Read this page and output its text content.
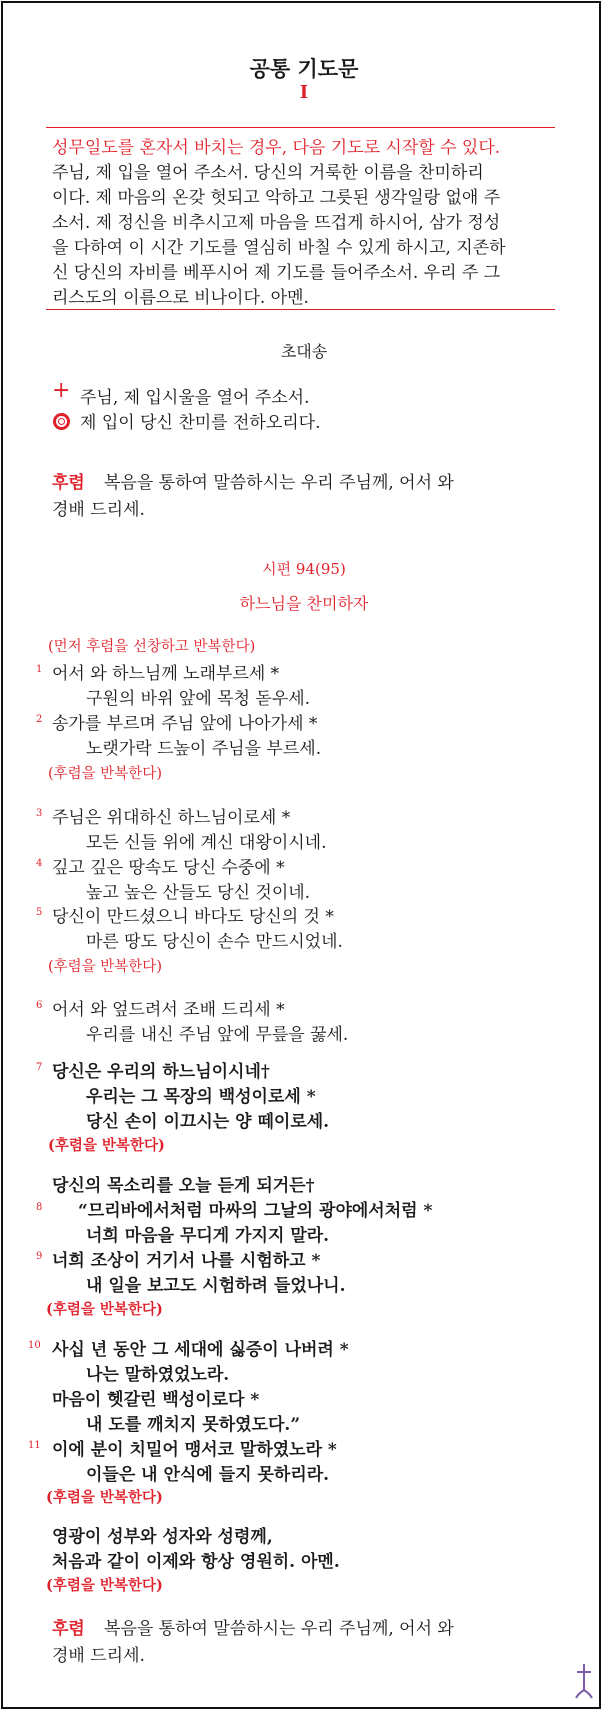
공통 기도문
I
성무일도를 혼자서 바치는 경우, 다음 기도로 시작할 수 있다.
주님, 제 입을 열어 주소서. 당신의 거룩한 이름을 찬미하리
이다. 제 마음의 온갖 헛되고 악하고 그릇된 생각일랑 없애 주
소서. 제 정신을 비추시고제 마음을 뜨겁게 하시어, 삼가 정성
을 다하여 이 시간 기도를 열심히 바칠 수 있게 하시고, 지존하
신 당신의 자비를 베푸시어 제 기도를 들어주소서. 우리 주 그
리스도의 이름으로 비나이다. 아멘.
초대송
+ 주님, 제 입시울을 열어 주소서.
제 입이 당신 찬미를 전하오리다.
후렴 복음을 통하여 말씀하시는 우리 주님께, 어서 와
경배 드리세.
시편 94(95)
하느님을 찬미하자
(먼저 후렴을 선창하고 반복한다)
1 어서 와 하느님께 노래부르세 *
구원의 바위 앞에 목청 돋우세.
2 송가를 부르며 주님 앞에 나아가세 *
노랫가락 드높이 주님을 부르세.
(후렴을 반복한다)
3 주님은 위대하신 하느님이로세 *
모든 신들 위에 계신 대왕이시네.
4 깊고 깊은 땅속도 당신 수중에 *
높고 높은 산들도 당신 것이네.
5 당신이 만드셨으니 바다도 당신의 것 *
마른 땅도 당신이 손수 만드시었네.
(후렴을 반복한다)
6 어서 와 엎드려서 조배 드리세 *
우리를 내신 주님 앞에 무릎을 꿇세.
7 당신은 우리의 하느님이시네†
우리는 그 목장의 백성이로세 *
당신 손이 이끄시는 양 떼이로세.
(후렴을 반복한다)
당신의 목소리를 오늘 듣게 되거든†
8 “므리바에서처럼 마싸의 그날의 광야에서처럼 *
너희 마음을 무디게 가지지 말라.
9 너희 조상이 거기서 나를 시험하고 *
내 일을 보고도 시험하려 들었나니.
(후렴을 반복한다)
10 사십 년 동안 그 세대에 싫증이 나버려 *
나는 말하였었노라.
마음이 헷갈린 백성이로다 *
내 도를 깨치지 못하였도다.”
11 이에 분이 치밀어 맹서코 말하였노라 *
이들은 내 안식에 들지 못하리라.
(후렴을 반복한다)
영광이 성부와 성자와 성령께,
처음과 같이 이제와 항상 영원히. 아멘.
(후렴을 반복한다)
후렴 복음을 통하여 말씀하시는 우리 주님께, 어서 와
경배 드리세.
